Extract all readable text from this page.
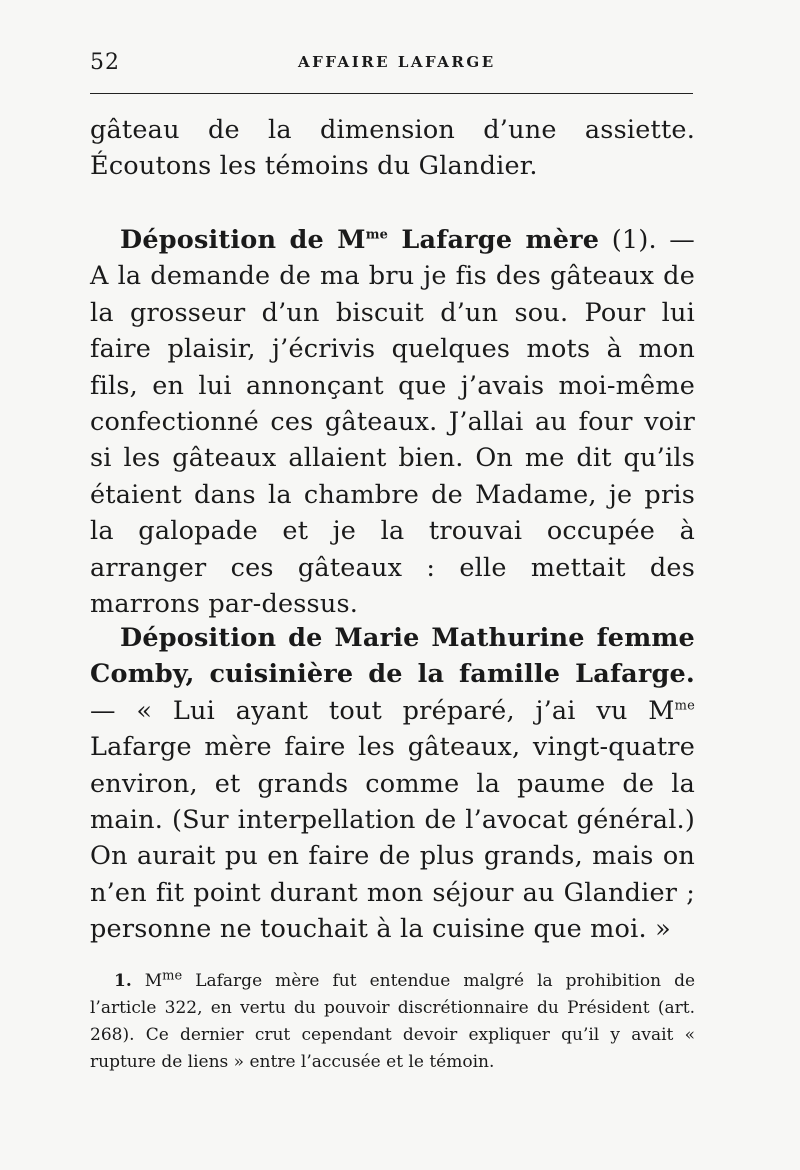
52	AFFAIRE LAFARGE

gâteau de la dimension d’une assiette. Écoutons les témoins du Glandier.

Déposition de $M^{me}$ Lafarge mère (1). — A la demande de ma bru je fis des gâteaux de la grosseur d’un biscuit d’un sou. Pour lui faire plaisir, j’écrivis quelques mots à mon fils, en lui annonçant que j’avais moi-même confectionné ces gâteaux. J’allai au four voir si les gâteaux allaient bien. On me dit qu’ils étaient dans la chambre de Madame, je pris la galopade et je la trouvai occupée à arranger ces gâteaux : elle mettait des marrons par-dessus.

Déposition de Marie Mathurine femme Comby, cuisinière de la famille Lafarge. — « Lui ayant tout préparé, j’ai vu $M^{me}$ Lafarge mère faire les gâteaux, vingt-quatre environ, et grands comme la paume de la main. (Sur interpellation de l’avocat général.) On aurait pu en faire de plus grands, mais on n’en fit point durant mon séjour au Glandier ; personne ne touchait à la cuisine que moi. »

1. $M^{me}$ Lafarge mère fut entendue malgré la prohibition de l’article 322, en vertu du pouvoir discrétionnaire du Président (art. 268). Ce dernier crut cependant devoir expliquer qu’il y avait « rupture de liens » entre l’accusée et le témoin.
